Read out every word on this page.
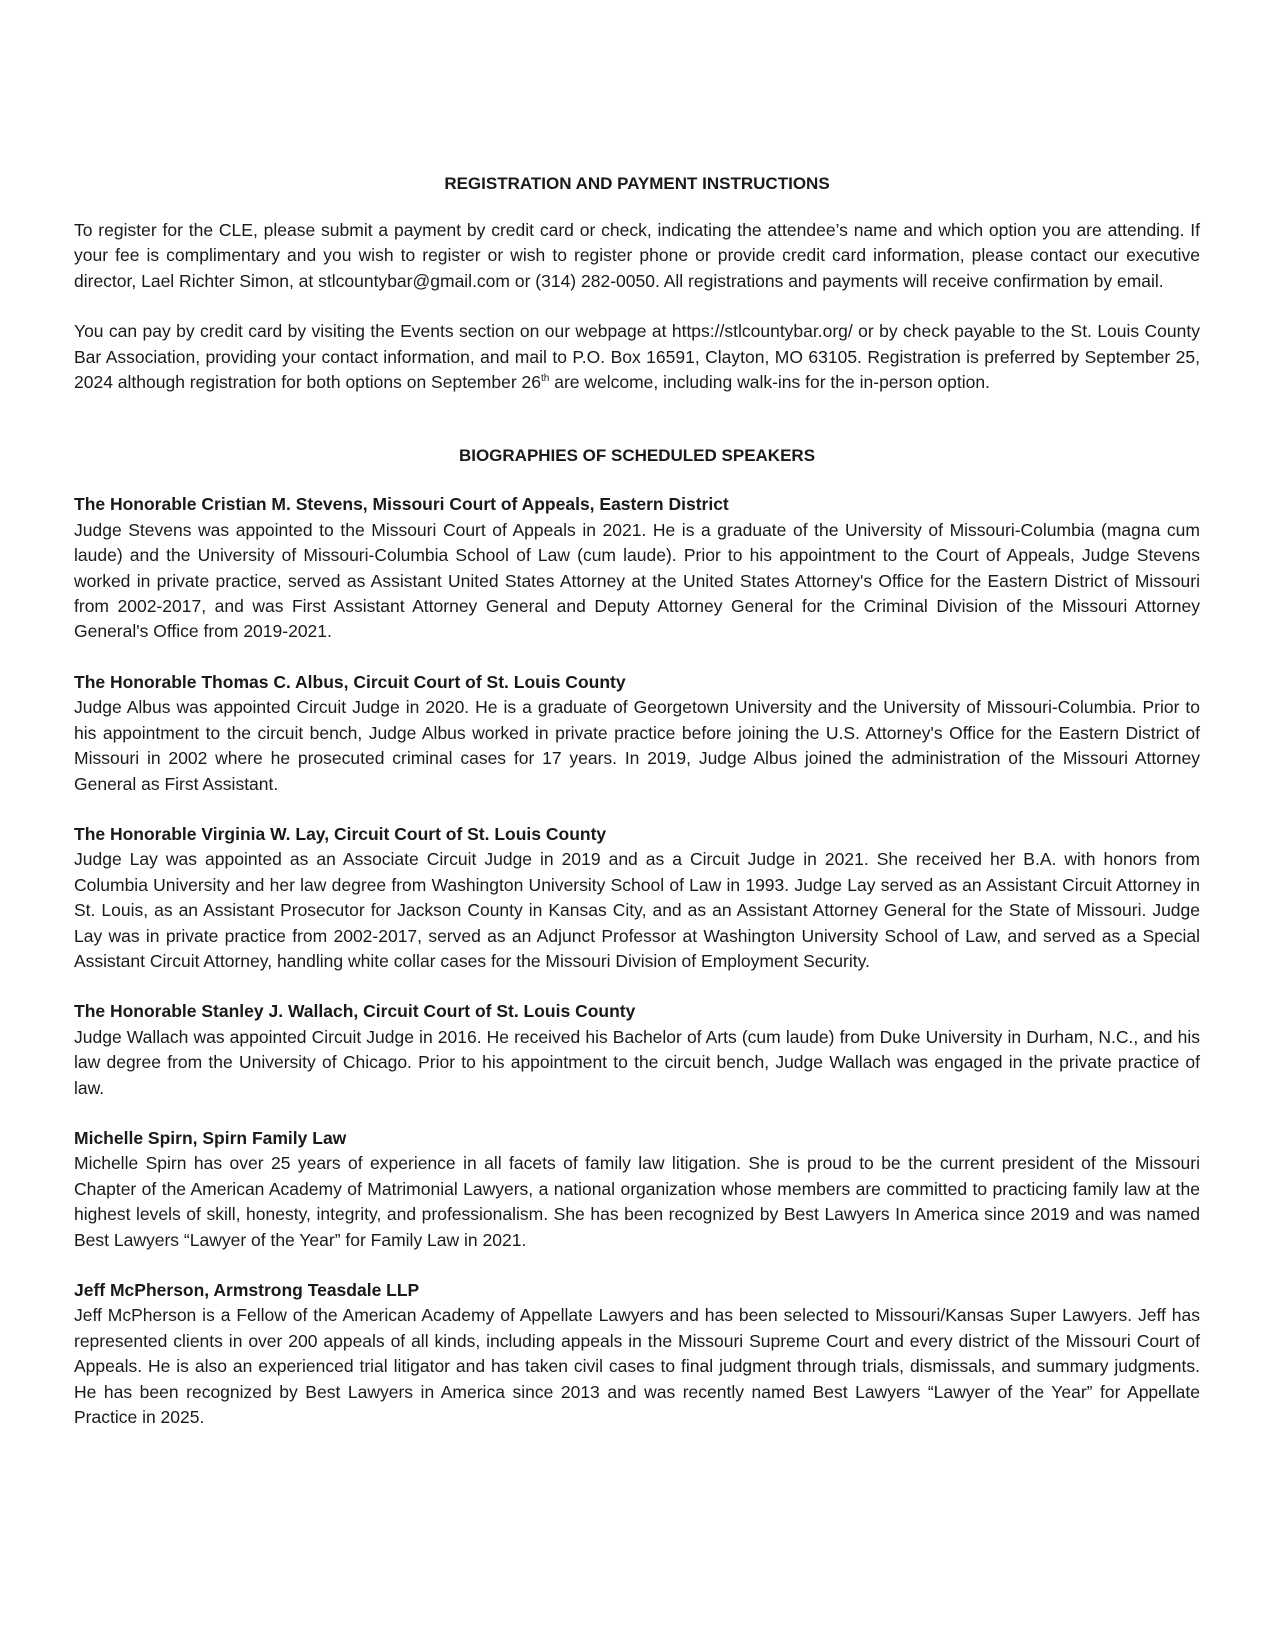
REGISTRATION AND PAYMENT INSTRUCTIONS

To register for the CLE, please submit a payment by credit card or check, indicating the attendee’s name and which option you are attending. If your fee is complimentary and you wish to register or wish to register phone or provide credit card information, please contact our executive director, Lael Richter Simon, at stlcountybar@gmail.com or (314) 282-0050. All registrations and payments will receive confirmation by email.

You can pay by credit card by visiting the Events section on our webpage at https://stlcountybar.org/ or by check payable to the St. Louis County Bar Association, providing your contact information, and mail to P.O. Box 16591, Clayton, MO 63105. Registration is preferred by September 25, 2024 although registration for both options on September 26th are welcome, including walk-ins for the in-person option.

BIOGRAPHIES OF SCHEDULED SPEAKERS

The Honorable Cristian M. Stevens, Missouri Court of Appeals, Eastern District

Judge Stevens was appointed to the Missouri Court of Appeals in 2021. He is a graduate of the University of Missouri-Columbia (magna cum laude) and the University of Missouri-Columbia School of Law (cum laude). Prior to his appointment to the Court of Appeals, Judge Stevens worked in private practice, served as Assistant United States Attorney at the United States Attorney's Office for the Eastern District of Missouri from 2002-2017, and was First Assistant Attorney General and Deputy Attorney General for the Criminal Division of the Missouri Attorney General's Office from 2019-2021.

The Honorable Thomas C. Albus, Circuit Court of St. Louis County

Judge Albus was appointed Circuit Judge in 2020. He is a graduate of Georgetown University and the University of Missouri-Columbia. Prior to his appointment to the circuit bench, Judge Albus worked in private practice before joining the U.S. Attorney's Office for the Eastern District of Missouri in 2002 where he prosecuted criminal cases for 17 years. In 2019, Judge Albus joined the administration of the Missouri Attorney General as First Assistant.

The Honorable Virginia W. Lay, Circuit Court of St. Louis County

Judge Lay was appointed as an Associate Circuit Judge in 2019 and as a Circuit Judge in 2021. She received her B.A. with honors from Columbia University and her law degree from Washington University School of Law in 1993. Judge Lay served as an Assistant Circuit Attorney in St. Louis, as an Assistant Prosecutor for Jackson County in Kansas City, and as an Assistant Attorney General for the State of Missouri. Judge Lay was in private practice from 2002-2017, served as an Adjunct Professor at Washington University School of Law, and served as a Special Assistant Circuit Attorney, handling white collar cases for the Missouri Division of Employment Security.

The Honorable Stanley J. Wallach, Circuit Court of St. Louis County

Judge Wallach was appointed Circuit Judge in 2016. He received his Bachelor of Arts (cum laude) from Duke University in Durham, N.C., and his law degree from the University of Chicago. Prior to his appointment to the circuit bench, Judge Wallach was engaged in the private practice of law.

Michelle Spirn, Spirn Family Law

Michelle Spirn has over 25 years of experience in all facets of family law litigation. She is proud to be the current president of the Missouri Chapter of the American Academy of Matrimonial Lawyers, a national organization whose members are committed to practicing family law at the highest levels of skill, honesty, integrity, and professionalism. She has been recognized by Best Lawyers In America since 2019 and was named Best Lawyers “Lawyer of the Year” for Family Law in 2021.

Jeff McPherson, Armstrong Teasdale LLP

Jeff McPherson is a Fellow of the American Academy of Appellate Lawyers and has been selected to Missouri/Kansas Super Lawyers. Jeff has represented clients in over 200 appeals of all kinds, including appeals in the Missouri Supreme Court and every district of the Missouri Court of Appeals. He is also an experienced trial litigator and has taken civil cases to final judgment through trials, dismissals, and summary judgments. He has been recognized by Best Lawyers in America since 2013 and was recently named Best Lawyers “Lawyer of the Year” for Appellate Practice in 2025.
